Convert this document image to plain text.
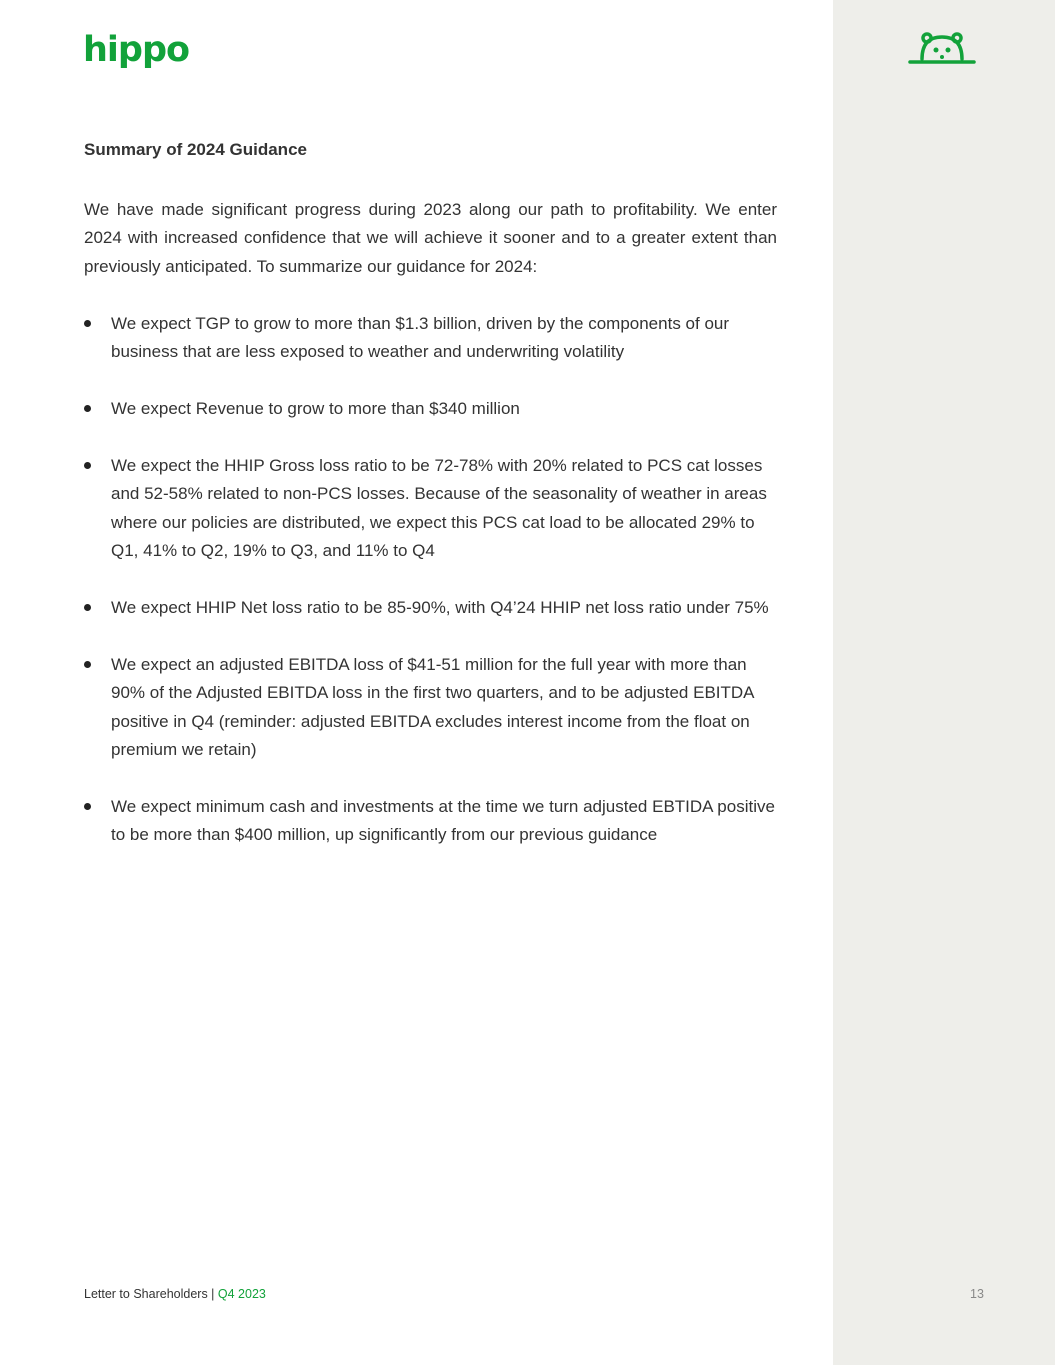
hippo
Summary of 2024 Guidance
We have made significant progress during 2023 along our path to profitability. We enter 2024 with increased confidence that we will achieve it sooner and to a greater extent than previously anticipated. To summarize our guidance for 2024:
We expect TGP to grow to more than $1.3 billion, driven by the components of our business that are less exposed to weather and underwriting volatility
We expect Revenue to grow to more than $340 million
We expect the HHIP Gross loss ratio to be 72-78% with 20% related to PCS cat losses and 52-58% related to non-PCS losses. Because of the seasonality of weather in areas where our policies are distributed, we expect this PCS cat load to be allocated 29% to Q1, 41% to Q2, 19% to Q3, and 11% to Q4
We expect HHIP Net loss ratio to be 85-90%, with Q4’24 HHIP net loss ratio under 75%
We expect an adjusted EBITDA loss of $41-51 million for the full year with more than 90% of the Adjusted EBITDA loss in the first two quarters, and to be adjusted EBITDA positive in Q4 (reminder: adjusted EBITDA excludes interest income from the float on premium we retain)
We expect minimum cash and investments at the time we turn adjusted EBTIDA positive to be more than $400 million, up significantly from our previous guidance
Letter to Shareholders | Q4 2023	13
